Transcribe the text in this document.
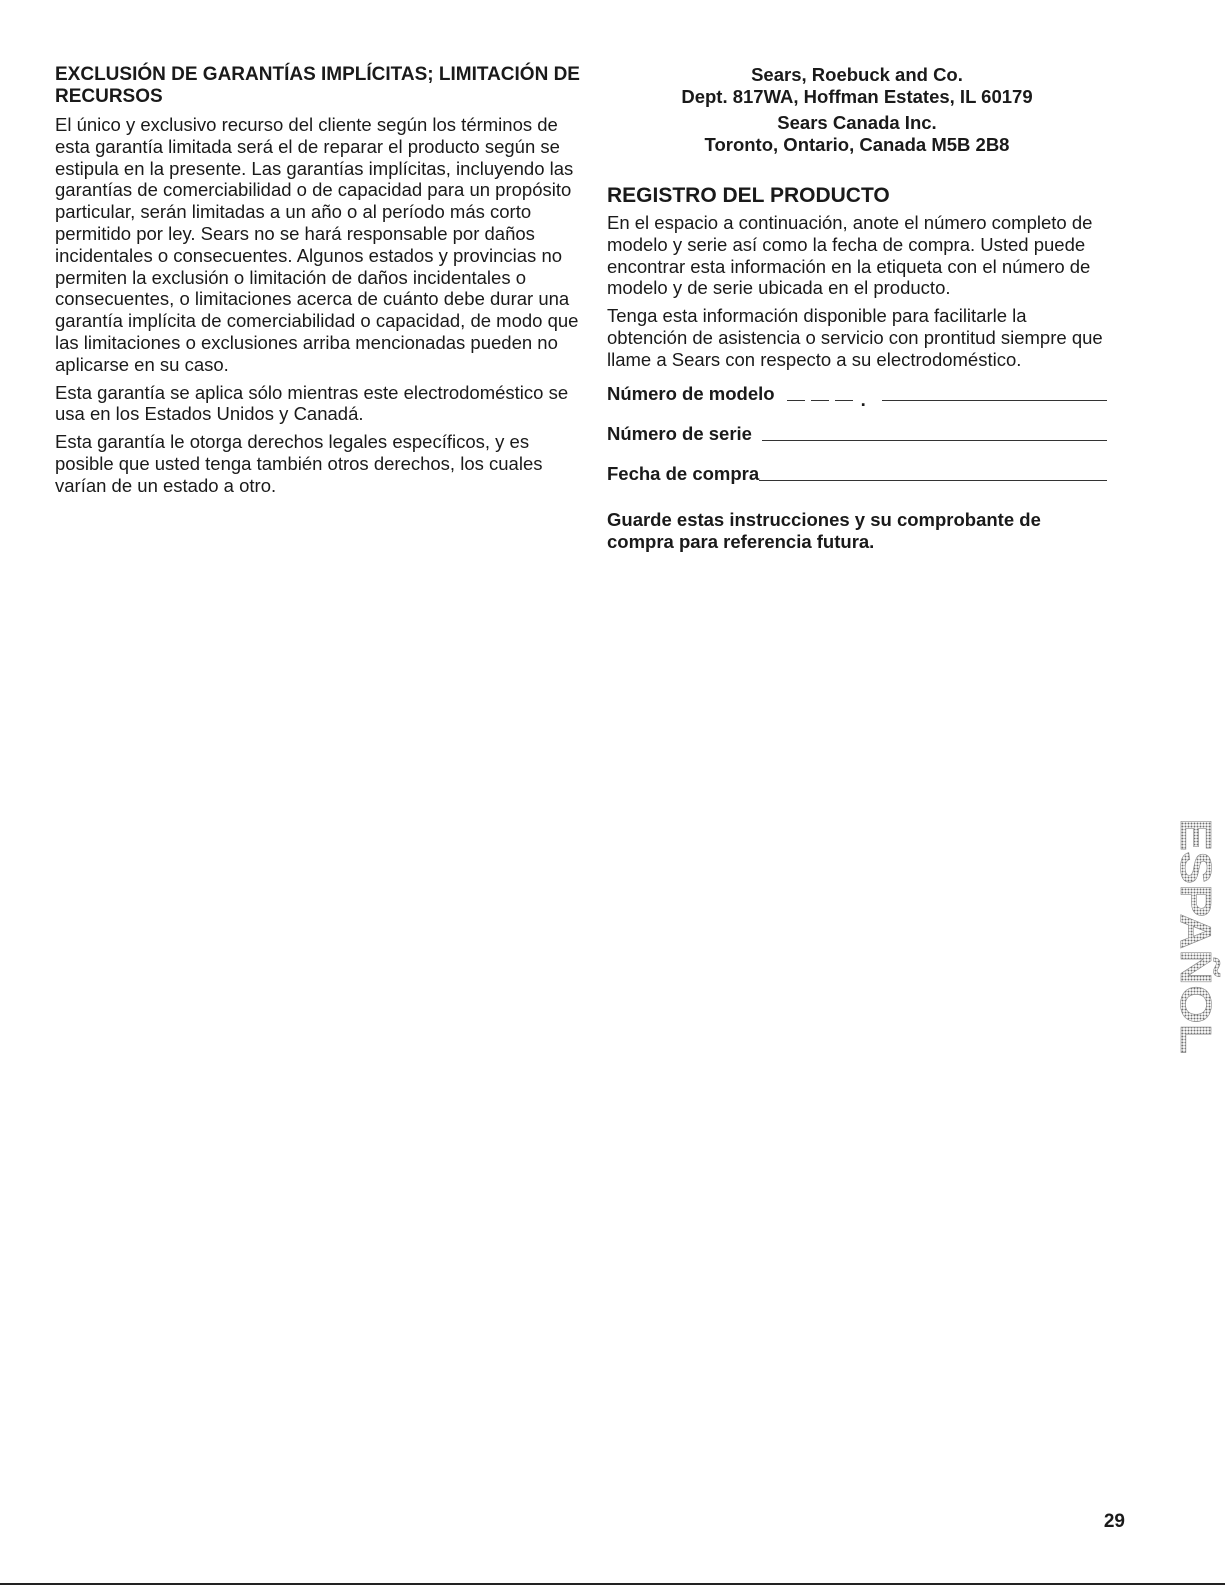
EXCLUSIÓN DE GARANTÍAS IMPLÍCITAS; LIMITACIÓN DE RECURSOS

El único y exclusivo recurso del cliente según los términos de esta garantía limitada será el de reparar el producto según se estipula en la presente. Las garantías implícitas, incluyendo las garantías de comerciabilidad o de capacidad para un propósito particular, serán limitadas a un año o al período más corto permitido por ley. Sears no se hará responsable por daños incidentales o consecuentes. Algunos estados y provincias no permiten la exclusión o limitación de daños incidentales o consecuentes, o limitaciones acerca de cuánto debe durar una garantía implícita de comerciabilidad o capacidad, de modo que las limitaciones o exclusiones arriba mencionadas pueden no aplicarse en su caso.

Esta garantía se aplica sólo mientras este electrodoméstico se usa en los Estados Unidos y Canadá.

Esta garantía le otorga derechos legales específicos, y es posible que usted tenga también otros derechos, los cuales varían de un estado a otro.

Sears, Roebuck and Co.
Dept. 817WA, Hoffman Estates, IL 60179
Sears Canada Inc.
Toronto, Ontario, Canada M5B 2B8
REGISTRO DEL PRODUCTO

En el espacio a continuación, anote el número completo de modelo y serie así como la fecha de compra. Usted puede encontrar esta información en la etiqueta con el número de modelo y de serie ubicada en el producto.

Tenga esta información disponible para facilitarle la obtención de asistencia o servicio con prontitud siempre que llame a Sears con respecto a su electrodoméstico.

Número de modelo	.
Número de serie
Fecha de compra
Guarde estas instrucciones y su comprobante de compra para referencia futura.
ESPAÑOL
29
